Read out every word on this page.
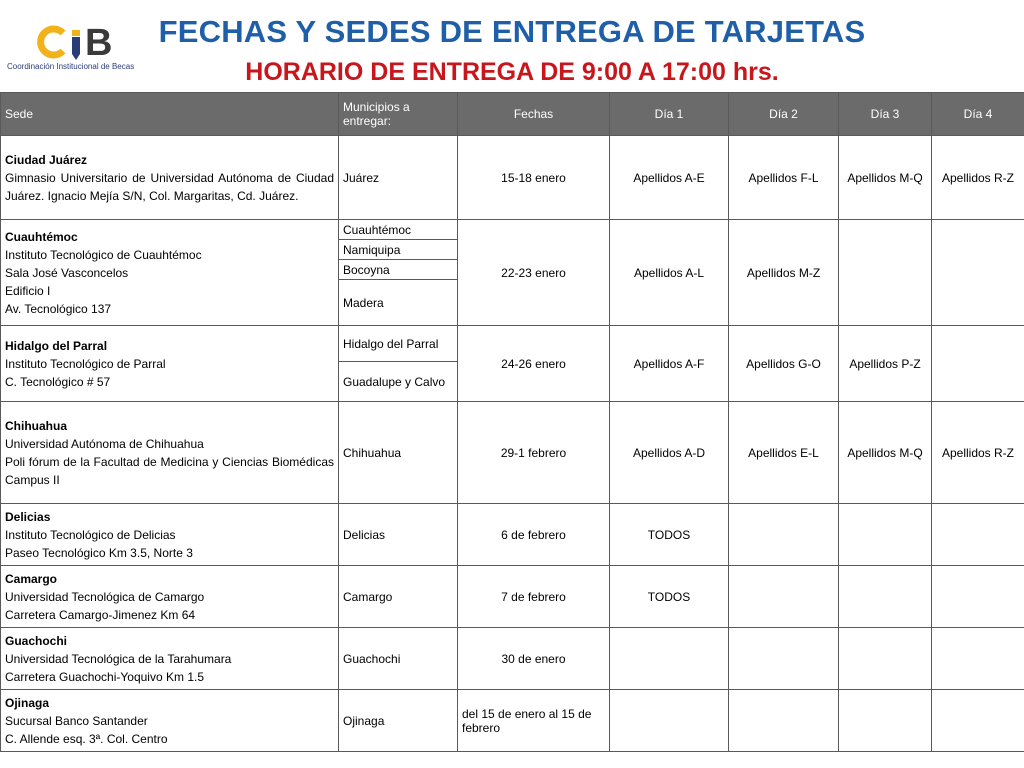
B
Coordinación Institucional de Becas
FECHAS Y SEDES DE ENTREGA DE TARJETAS
HORARIO DE ENTREGA DE 9:00 A 17:00 hrs.
Sede	Municipios a entregar:	Fechas	Día 1	Día 2	Día 3	Día 4

Ciudad Juárez
Gimnasio Universitario de Universidad Autónoma de Ciudad Juárez. Ignacio Mejía S/N, Col. Margaritas, Cd. Juárez.	Juárez	15-18 enero	Apellidos A-E	Apellidos F-L	Apellidos M-Q	Apellidos R-Z

Cuauhtémoc
Instituto Tecnológico de Cuauhtémoc
Sala José Vasconcelos
Edificio I
Av. Tecnológico 137	Cuauhtémoc	22-23 enero	Apellidos A-L	Apellidos M-Z		
	Namiquipa					
	Bocoyna					
	Madera					

Hidalgo del Parral
Instituto Tecnológico de Parral
C. Tecnológico # 57	Hidalgo del Parral	24-26 enero	Apellidos A-F	Apellidos G-O	Apellidos P-Z	
	Guadalupe y Calvo					

Chihuahua
Universidad Autónoma de Chihuahua
Poli fórum de la Facultad de Medicina y Ciencias Biomédicas Campus II	Chihuahua	29-1 febrero	Apellidos A-D	Apellidos E-L	Apellidos M-Q	Apellidos R-Z

Delicias
Instituto Tecnológico de Delicias
Paseo Tecnológico Km 3.5, Norte 3	Delicias	6 de febrero	TODOS			

Camargo
Universidad Tecnológica de Camargo
Carretera Camargo-Jimenez Km 64	Camargo	7 de febrero	TODOS			

Guachochi
Universidad Tecnológica de la Tarahumara
Carretera Guachochi-Yoquivo Km 1.5	Guachochi	30 de enero				

Ojinaga
Sucursal Banco Santander
C. Allende esq. 3ª. Col. Centro	Ojinaga	del 15 de enero al 15 de febrero				
